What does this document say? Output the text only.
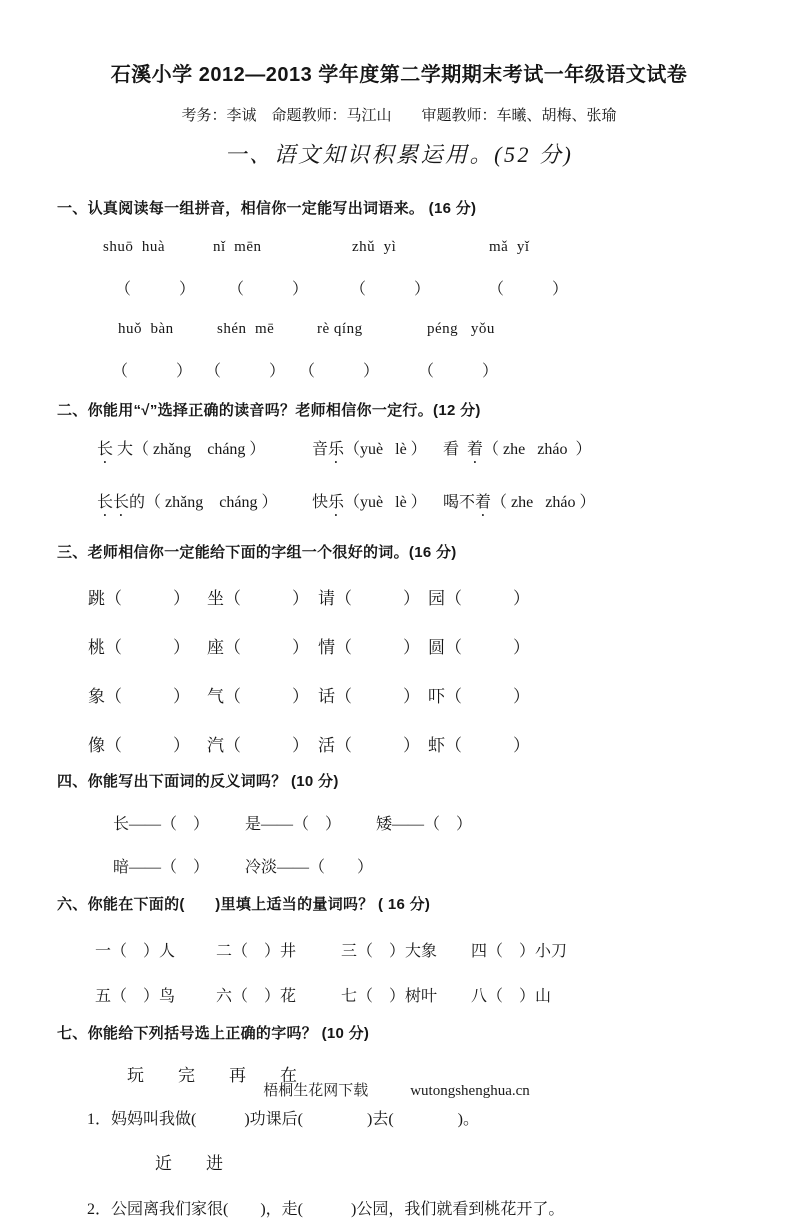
石溪小学 2012—2013 学年度第二学期期末考试一年级语文试卷
考务：李诚　命题教师：马江山　　审题教师：车曦、胡梅、张瑜
一、语文知识积累运用。(52 分)
一、认真阅读每一组拼音，相信你一定能写出词语来。 (16 分)
shuō  huà	nǐ  mēn	zhǔ  yì	mǎ  yǐ
（　　　）	（　　　）	（　　　）	（　　　）
huǒ  bàn	shén  mē	rè qíng	péng   yǒu
（　　　） （　　　） （　　　）	（　　　）
二、你能用“√”选择正确的读音吗？老师相信你一定行。(12 分)
长 大（ zhǎng    cháng ）	音乐（yuè   lè ）	看  着（ zhe   zháo  ）
长长的（ zhǎng    cháng ）	快乐（yuè   lè ）	喝不着（ zhe   zháo ）
三、老师相信你一定能给下面的字组一个很好的词。(16 分)
跳（　　　）	坐（　　　） 请（　　　） 园（　　　）
桃（　　　）	座（　　　） 情（　　　） 圆（　　　）
象（　　　）	气（　　　） 话（　　　） 吓（　　　）
像（　　　）	汽（　　　） 活（　　　） 虾（　　　）
四、你能写出下面词的反义词吗？ (10 分)
长——（　）	是——（　）	矮——（　）
暗——（　）	冷淡——（　　）
六、你能在下面的(　　)里填上适当的量词吗？ ( 16 分)
一（　）人	二（　）井	三（　）大象	四（　）小刀
五（　）鸟	六（　）花	七（　）树叶	八（　）山
七、你能给下列括号选上正确的字吗？ (10 分)
玩　　完　　再　　在
1．妈妈叫我做(　　　)功课后(　　　　)去(　　　　)。
近　　进
2．公园离我们家很(　　)，走(　　　)公园，我们就看到桃花开了。
梧桐生花网下载	wutongshenghua.cn
